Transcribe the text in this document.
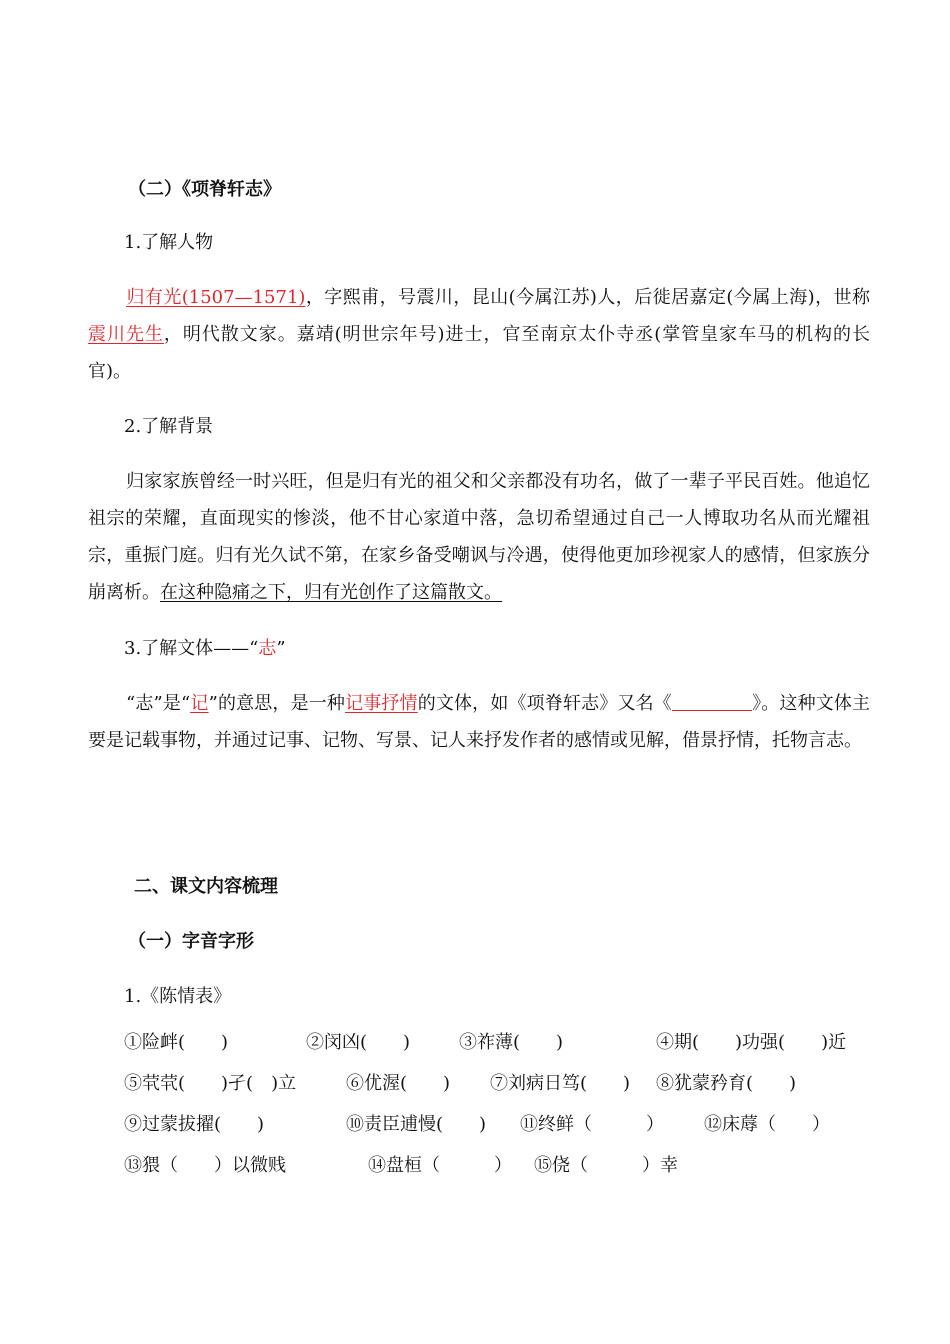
（二）《项脊轩志》
1.了解人物
归有光(1507—1571)，字熙甫，号震川，昆山(今属江苏)人，后徙居嘉定(今属上海)，世称震川先生，明代散文家。嘉靖(明世宗年号)进士，官至南京太仆寺丞(掌管皇家车马的机构的长官)。
2.了解背景
归家家族曾经一时兴旺，但是归有光的祖父和父亲都没有功名，做了一辈子平民百姓。他追忆祖宗的荣耀，直面现实的惨淡，他不甘心家道中落，急切希望通过自己一人博取功名从而光耀祖宗，重振门庭。归有光久试不第，在家乡备受嘲讽与冷遇，使得他更加珍视家人的感情，但家族分崩离析。在这种隐痛之下，归有光创作了这篇散文。
3.了解文体——“志”
“志”是“记”的意思，是一种记事抒情的文体，如《项脊轩志》又名《	》。这种文体主要是记载事物，并通过记事、记物、写景、记人来抒发作者的感情或见解，借景抒情，托物言志。
二、课文内容梳理
（一）字音字形
1.《陈情表》
①险衅(　　)	②闵凶(　　)	③祚薄(　　)	④期(　　)功强(　　)近
⑤茕茕(　　)孑(　)立	⑥优渥(　　) ⑦刘病日笃(　　) ⑧犹蒙矜育(　　)
⑨过蒙拔擢(　　)	⑩责臣逋慢(　　) ⑪终鲜（　　　） ⑫床蓐（　　）
⑬猥（　　）以微贱	⑭盘桓（　　　） ⑮侥（　　　）幸
